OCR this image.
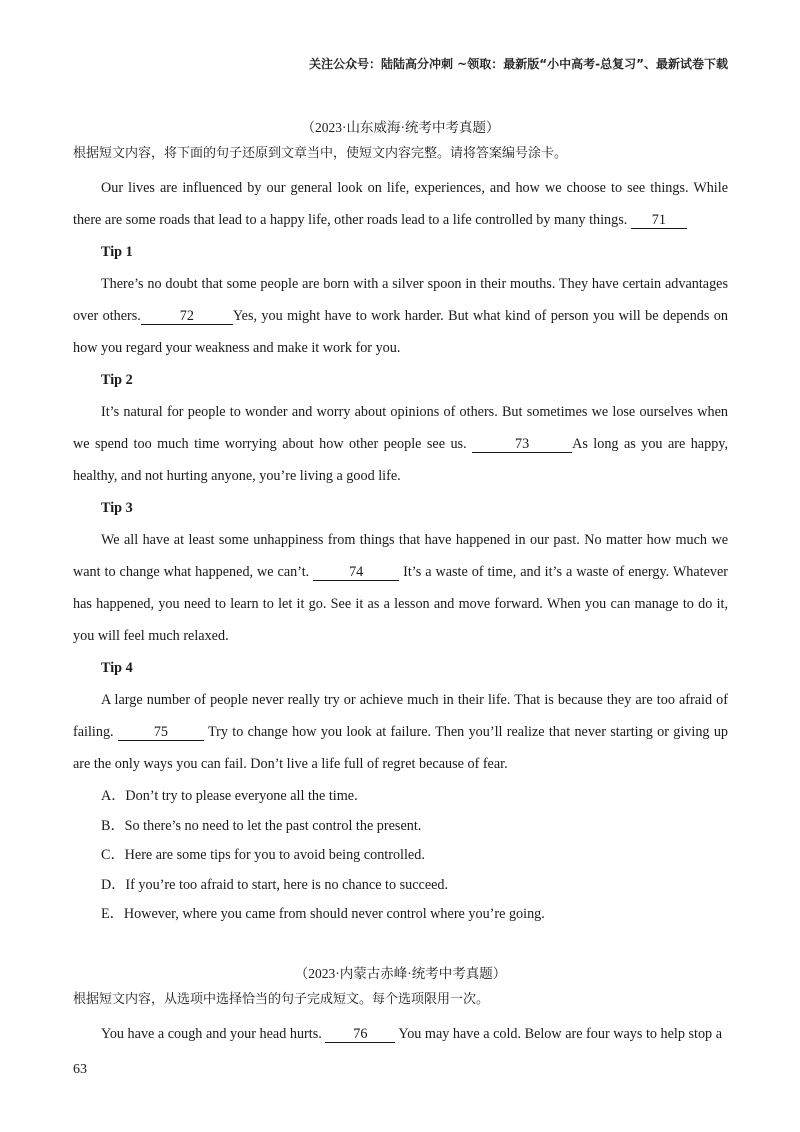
关注公众号：陆陆高分冲刺 ~领取：最新版“小中高考-总复习”、最新试卷下载
（2023·山东威海·统考中考真题）
根据短文内容，将下面的句子还原到文章当中，使短文内容完整。请将答案编号涂卡。

Our lives are influenced by our general look on life, experiences, and how we choose to see things. While there are some roads that lead to a happy life, other roads lead to a life controlled by many things. 71

Tip 1

There’s no doubt that some people are born with a silver spoon in their mouths. They have certain advantages over others.	72	Yes, you might have to work harder. But what kind of person you will be depends on how you regard your weakness and make it work for you.

Tip 2

It’s natural for people to wonder and worry about opinions of others. But sometimes we lose ourselves when we spend too much time worrying about how other people see us.	73	As long as you are happy, healthy, and not hurting anyone, you’re living a good life.

Tip 3

We all have at least some unhappiness from things that have happened in our past. No matter how much we want to change what happened, we can’t.	74	It’s a waste of time, and it’s a waste of energy. Whatever has happened, you need to learn to let it go. See it as a lesson and move forward. When you can manage to do it, you will feel much relaxed.

Tip 4

A large number of people never really try or achieve much in their life. That is because they are too afraid of failing.	75	Try to change how you look at failure. Then you’ll realize that never starting or giving up are the only ways you can fail. Don’t live a life full of regret because of fear.

A．Don’t try to please everyone all the time.
B．So there’s no need to let the past control the present.
C．Here are some tips for you to avoid being controlled.
D．If you’re too afraid to start, here is no chance to succeed.
E．However, where you came from should never control where you’re going.
（2023·内蒙古赤峰·统考中考真题）
根据短文内容，从选项中选择恰当的句子完成短文。每个选项限用一次。

You have a cough and your head hurts. 76 You may have a cold. Below are four ways to help stop a

63
